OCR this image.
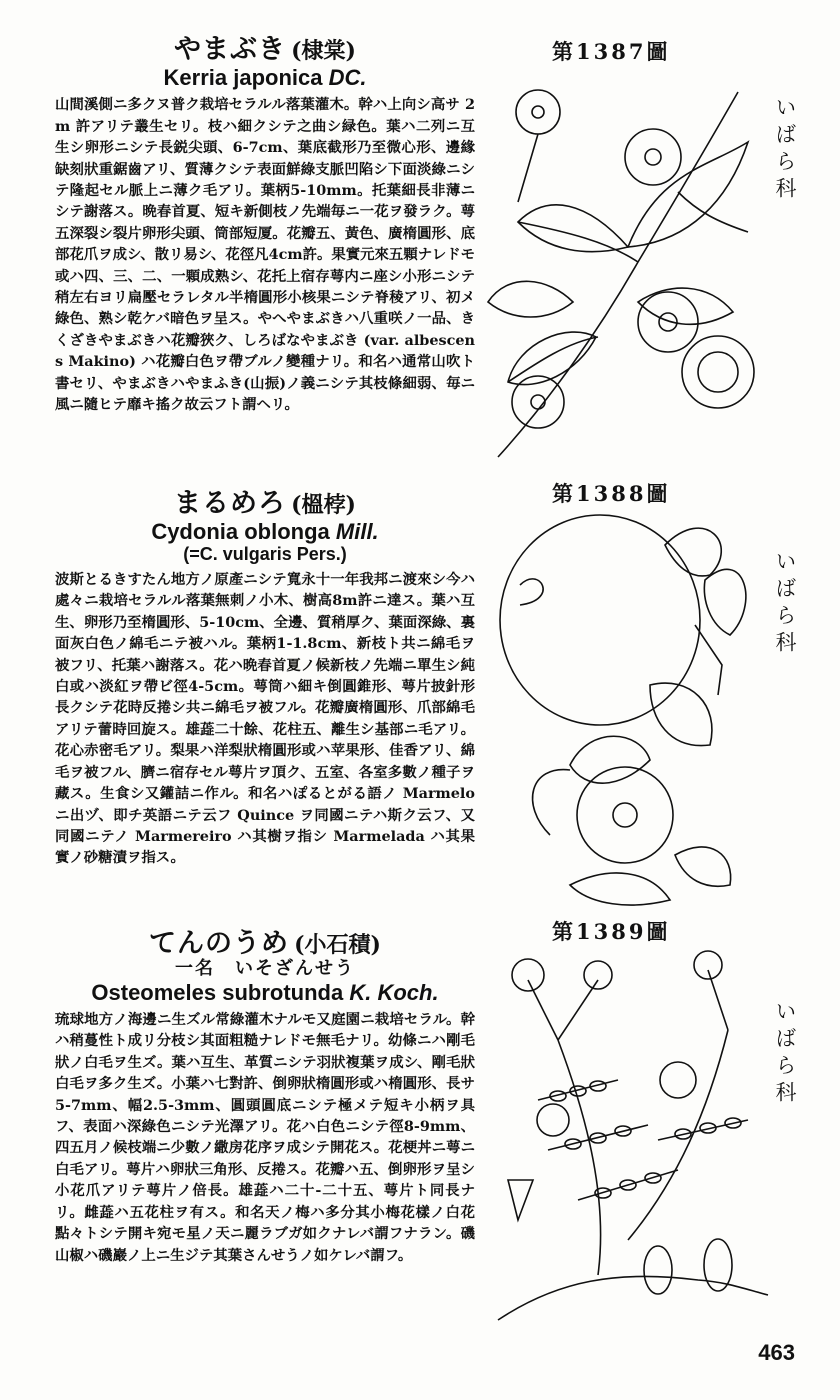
やまぶき (棣棠)
Kerria japonica DC.
山間溪側ニ多クヌ普ク栽培セラルル落葉灌木。幹ハ上向シ高サ 2m 許アリテ叢生セリ。枝ハ細クシテ之曲シ緑色。葉ハ二列ニ互生シ卵形ニシテ長鋭尖頭、6-7cm、葉底截形乃至微心形、邊緣缺刻狀重鋸齒アリ、質薄クシテ表面鮮綠支脈凹陷シ下面淡綠ニシテ隆起セル脈上ニ薄ク毛アリ。葉柄5-10mm。托葉細長非薄ニシテ謝落ス。晩春首夏、短キ新側枝ノ先端毎ニ一花ヲ發ラク。萼五深裂シ裂片卵形尖頭、筒部短厦。花瓣五、黃色、廣楕圓形、底部花爪ヲ成シ、散リ易シ、花徑凡4cm許。果實元來五顆ナレドモ或ハ四、三、二、一顆成熟シ、花托上宿存萼内ニ座シ小形ニシテ稍左右ヨリ扁壓セラレタル半楕圓形小核果ニシテ脊稜アリ、初メ綠色、熟シ乾ケバ暗色ヲ呈ス。やへやまぶきハ八重咲ノ一品、きくざきやまぶきハ花瓣狹ク、しろばなやまぶき (var. albescens Makino) ハ花瓣白色ヲ帶ブルノ變種ナリ。和名ハ通常山吹ト書セリ、やまぶきハやまふき(山振)ノ義ニシテ其枝條細弱、毎ニ風ニ隨ヒテ靡キ搖ク故云フト謂ヘリ。
まるめろ (榲桲)
Cydonia oblonga Mill.
(=C. vulgaris Pers.)
波斯とるきすたん地方ノ原產ニシテ寬永十一年我邦ニ渡來シ今ハ處々ニ栽培セラルル落葉無刺ノ小木、樹高8m許ニ達ス。葉ハ互生、卵形乃至楕圓形、5-10cm、全邊、質稍厚ク、葉面深綠、裏面灰白色ノ綿毛ニテ被ハル。葉柄1-1.8cm、新枝ト共ニ綿毛ヲ被フリ、托葉ハ謝落ス。花ハ晩春首夏ノ候新枝ノ先端ニ單生シ純白或ハ淡紅ヲ帶ビ徑4-5cm。萼筒ハ細キ倒圓錐形、萼片披針形長クシテ花時反捲シ共ニ綿毛ヲ被フル。花瓣廣楕圓形、爪部綿毛アリテ蕾時回旋ス。雄蕋二十餘、花柱五、離生シ基部ニ毛アリ。花心赤密毛アリ。梨果ハ洋梨狀楕圓形或ハ苹果形、佳香アリ、綿毛ヲ被フル、臍ニ宿存セル萼片ヲ頂ク、五室、各室多數ノ種子ヲ藏ス。生食シ又鑵詰ニ作ル。和名ハぽるとがる語ノ Marmelo ニ出ヅ、即チ英語ニテ云フ Quince ヲ同國ニテハ斯ク云フ、又同國ニテノ Marmereiro ハ其樹ヲ指シ Marmelada ハ其果實ノ砂糖漬ヲ指ス。
てんのうめ (小石積)
一名　いそざんせう
Osteomeles subrotunda K. Koch.
琉球地方ノ海邊ニ生ズル常綠灌木ナルモ又庭園ニ栽培セラル。幹ハ稍蔓性ト成リ分枝シ其面粗糙ナレドモ無毛ナリ。幼條ニハ剛毛狀ノ白毛ヲ生ズ。葉ハ互生、革質ニシテ羽狀複葉ヲ成シ、剛毛狀白毛ヲ多ク生ズ。小葉ハ七對許、倒卵狀楕圓形或ハ楕圓形、長サ5-7mm、幅2.5-3mm、圓頭圓底ニシテ極メテ短キ小柄ヲ具フ、表面ハ深綠色ニシテ光澤アリ。花ハ白色ニシテ徑8-9mm、四五月ノ候枝端ニ少數ノ繖房花序ヲ成シテ開花ス。花梗丼ニ萼ニ白毛アリ。萼片ハ卵狀三角形、反捲ス。花瓣ハ五、倒卵形ヲ呈シ小花爪アリテ萼片ノ倍長。雄蕋ハ二十-二十五、萼片ト同長ナリ。雌蕋ハ五花柱ヲ有ス。和名天ノ梅ハ多分其小梅花樣ノ白花點々トシテ開キ宛モ星ノ天ニ麗ラブガ如クナレバ謂フナラン。磯山椒ハ磯巖ノ上ニ生ジテ其葉さんせうノ如ケレバ謂フ。
第1387圖
第1388圖
第1389圖
いばら科
いばら科
いばら科
463
